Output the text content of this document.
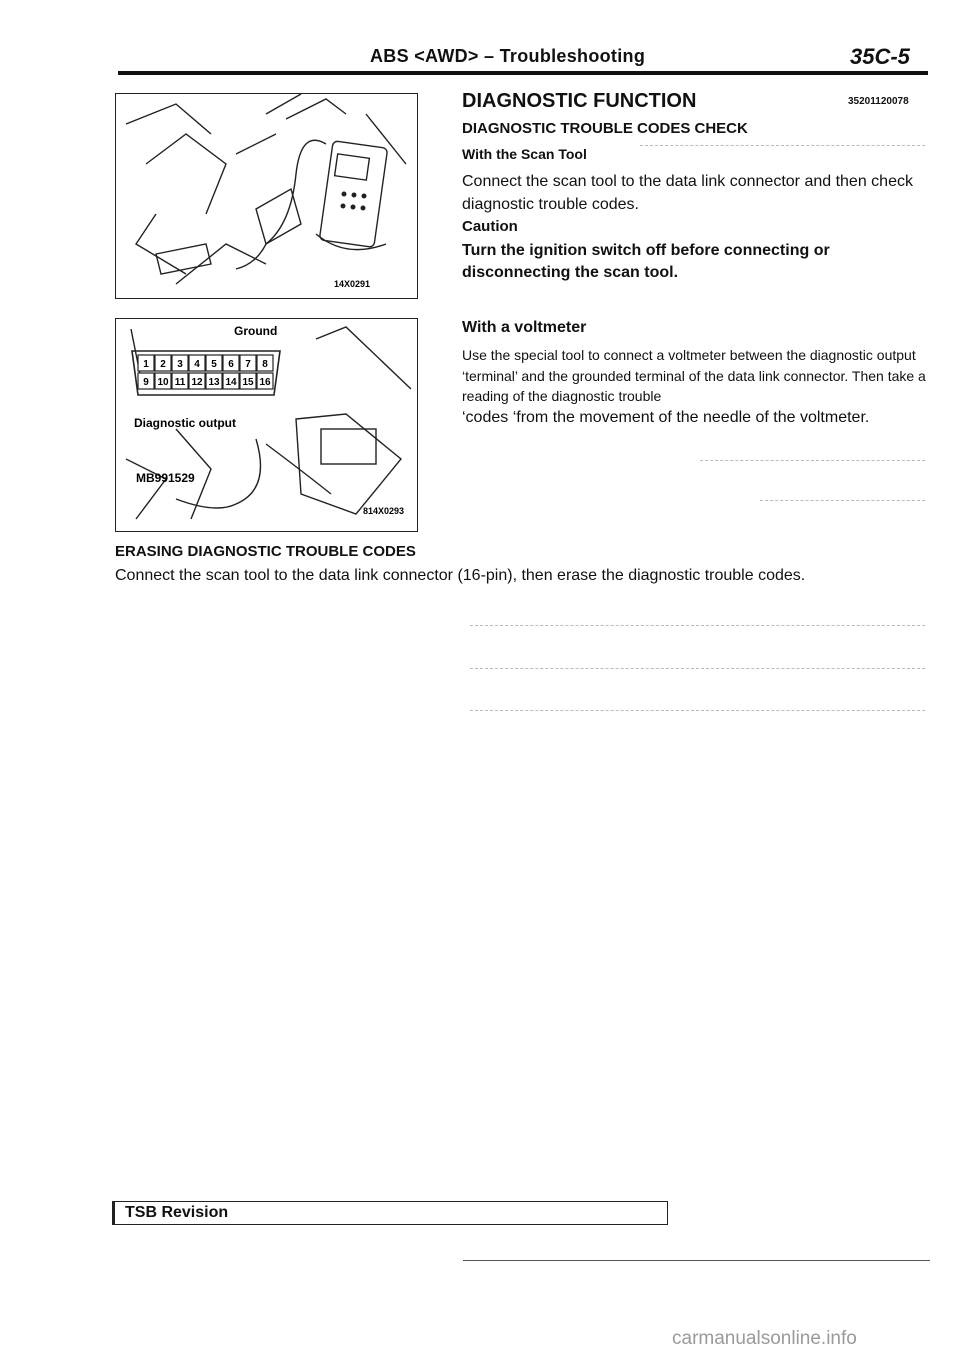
ABS <AWD> – Troubleshooting	35C-5
14X0291
Ground
1 2 3 4 5 6 7 8
9 10 11 12 13 14 15 16
Diagnostic output
MB991529
814X0293
DIAGNOSTIC FUNCTION	35201120078
DIAGNOSTIC TROUBLE CODES CHECK
With the Scan Tool
Connect the scan tool to the data link connector and then check diagnostic trouble codes.
Caution
Turn the ignition switch off before connecting or disconnecting the scan tool.
With a voltmeter
Use the special tool to connect a voltmeter between the diagnostic output ‘terminal’ and the grounded terminal of the data link connector. Then take a reading of the diagnostic trouble
‘codes ‘from the movement of the needle of the voltmeter.
ERASING DIAGNOSTIC TROUBLE CODES
Connect the scan tool to the data link connector (16-pin), then erase the diagnostic trouble codes.
TSB Revision
carmanualsonline.info
